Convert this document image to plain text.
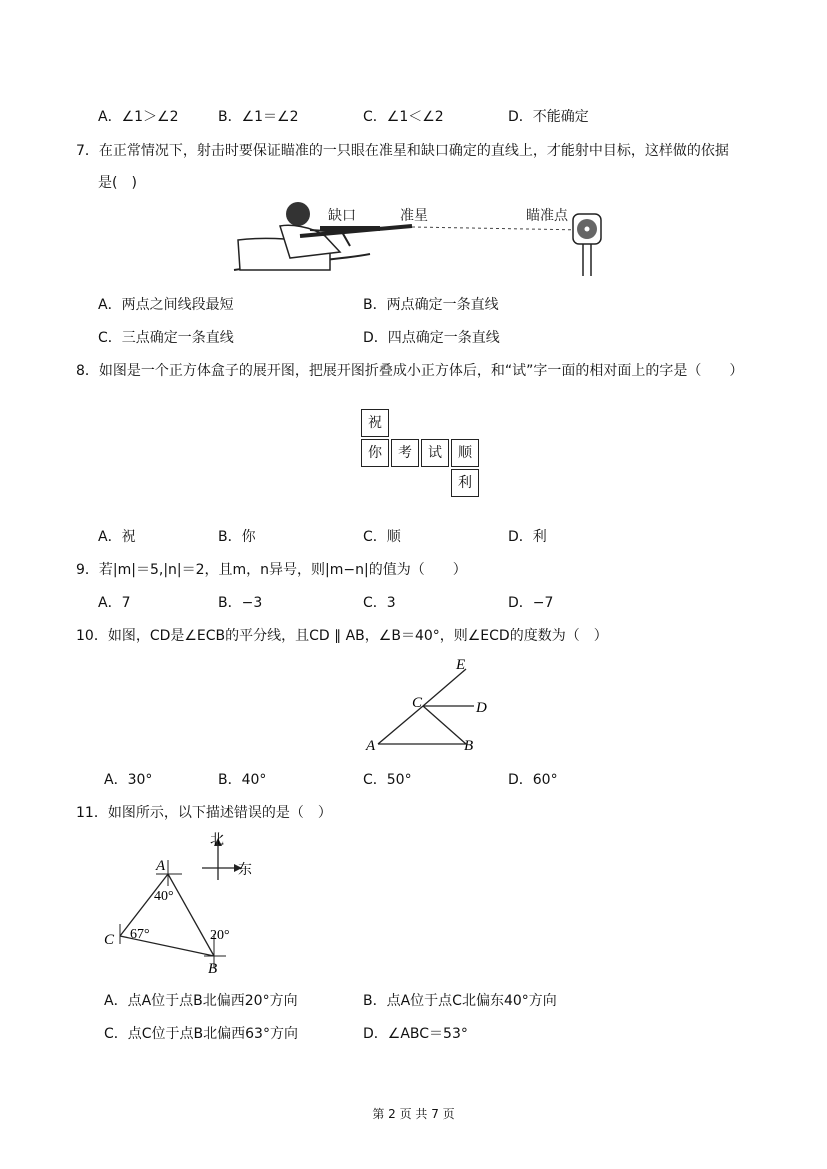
A．∠1＞∠2	B．∠1＝∠2	C．∠1＜∠2	D．不能确定
7．在正常情况下，射击时要保证瞄准的一只眼在准星和缺口确定的直线上，才能射中目标，这样做的依据
是(　)
缺口	准星	瞄准点
A．两点之间线段最短	B．两点确定一条直线
C．三点确定一条直线	D．四点确定一条直线
8．如图是一个正方体盒子的展开图，把展开图折叠成小正方体后，和“试”字一面的相对面上的字是（　　）
祝
你	考	试	顺
利
A．祝	B．你	C．顺	D．利
9．若|m|＝5,|n|＝2，且m，n异号，则|m−n|的值为（　　）
A．7	B．−3	C．3	D．−7
10．如图，CD是∠ECB的平分线，且CD ∥ AB，∠B＝40°，则∠ECD的度数为（　）
E
C	D
A	B
A．30°	B．40°	C．50°	D．60°
11．如图所示，以下描述错误的是（　）
北
东
A
40°
C 67°	20°
B
A．点A位于点B北偏西20°方向	B．点A位于点C北偏东40°方向
C．点C位于点B北偏西63°方向	D．∠ABC＝53°
第 2 页 共 7 页
